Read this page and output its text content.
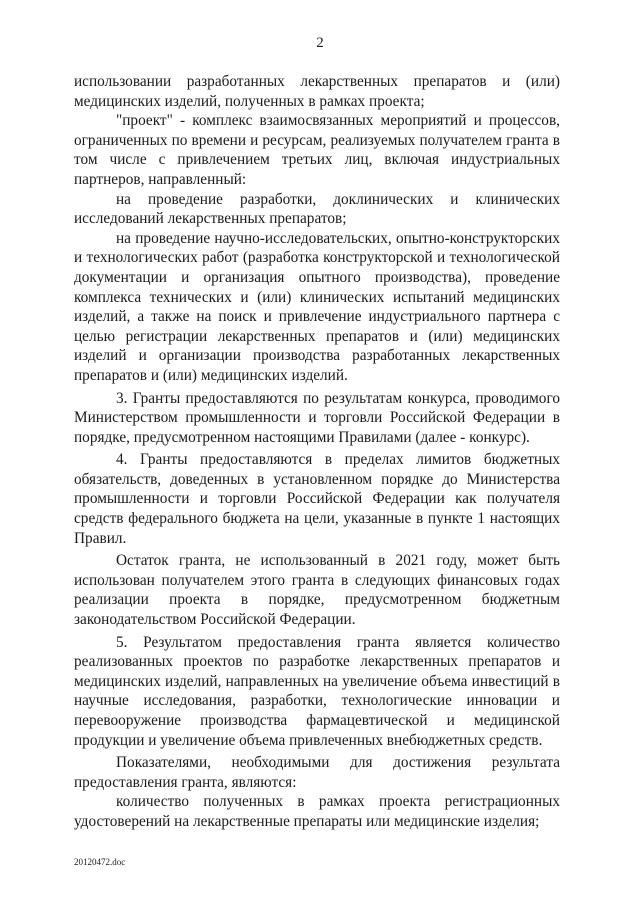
2

использовании разработанных лекарственных препаратов и (или) медицинских изделий, полученных в рамках проекта;

"проект" - комплекс взаимосвязанных мероприятий и процессов, ограниченных по времени и ресурсам, реализуемых получателем гранта в том числе с привлечением третьих лиц, включая индустриальных партнеров, направленный:

на проведение разработки, доклинических и клинических исследований лекарственных препаратов;

на проведение научно-исследовательских, опытно-конструкторских и технологических работ (разработка конструкторской и технологической документации и организация опытного производства), проведение комплекса технических и (или) клинических испытаний медицинских изделий, а также на поиск и привлечение индустриального партнера с целью регистрации лекарственных препаратов и (или) медицинских изделий и организации производства разработанных лекарственных препаратов и (или) медицинских изделий.

3. Гранты предоставляются по результатам конкурса, проводимого Министерством промышленности и торговли Российской Федерации в порядке, предусмотренном настоящими Правилами (далее - конкурс).

4. Гранты предоставляются в пределах лимитов бюджетных обязательств, доведенных в установленном порядке до Министерства промышленности и торговли Российской Федерации как получателя средств федерального бюджета на цели, указанные в пункте 1 настоящих Правил.

Остаток гранта, не использованный в 2021 году, может быть использован получателем этого гранта в следующих финансовых годах реализации проекта в порядке, предусмотренном бюджетным законодательством Российской Федерации.

5. Результатом предоставления гранта является количество реализованных проектов по разработке лекарственных препаратов и медицинских изделий, направленных на увеличение объема инвестиций в научные исследования, разработки, технологические инновации и перевооружение производства фармацевтической и медицинской продукции и увеличение объема привлеченных внебюджетных средств.

Показателями, необходимыми для достижения результата предоставления гранта, являются:

количество полученных в рамках проекта регистрационных удостоверений на лекарственные препараты или медицинские изделия;

20120472.doc
